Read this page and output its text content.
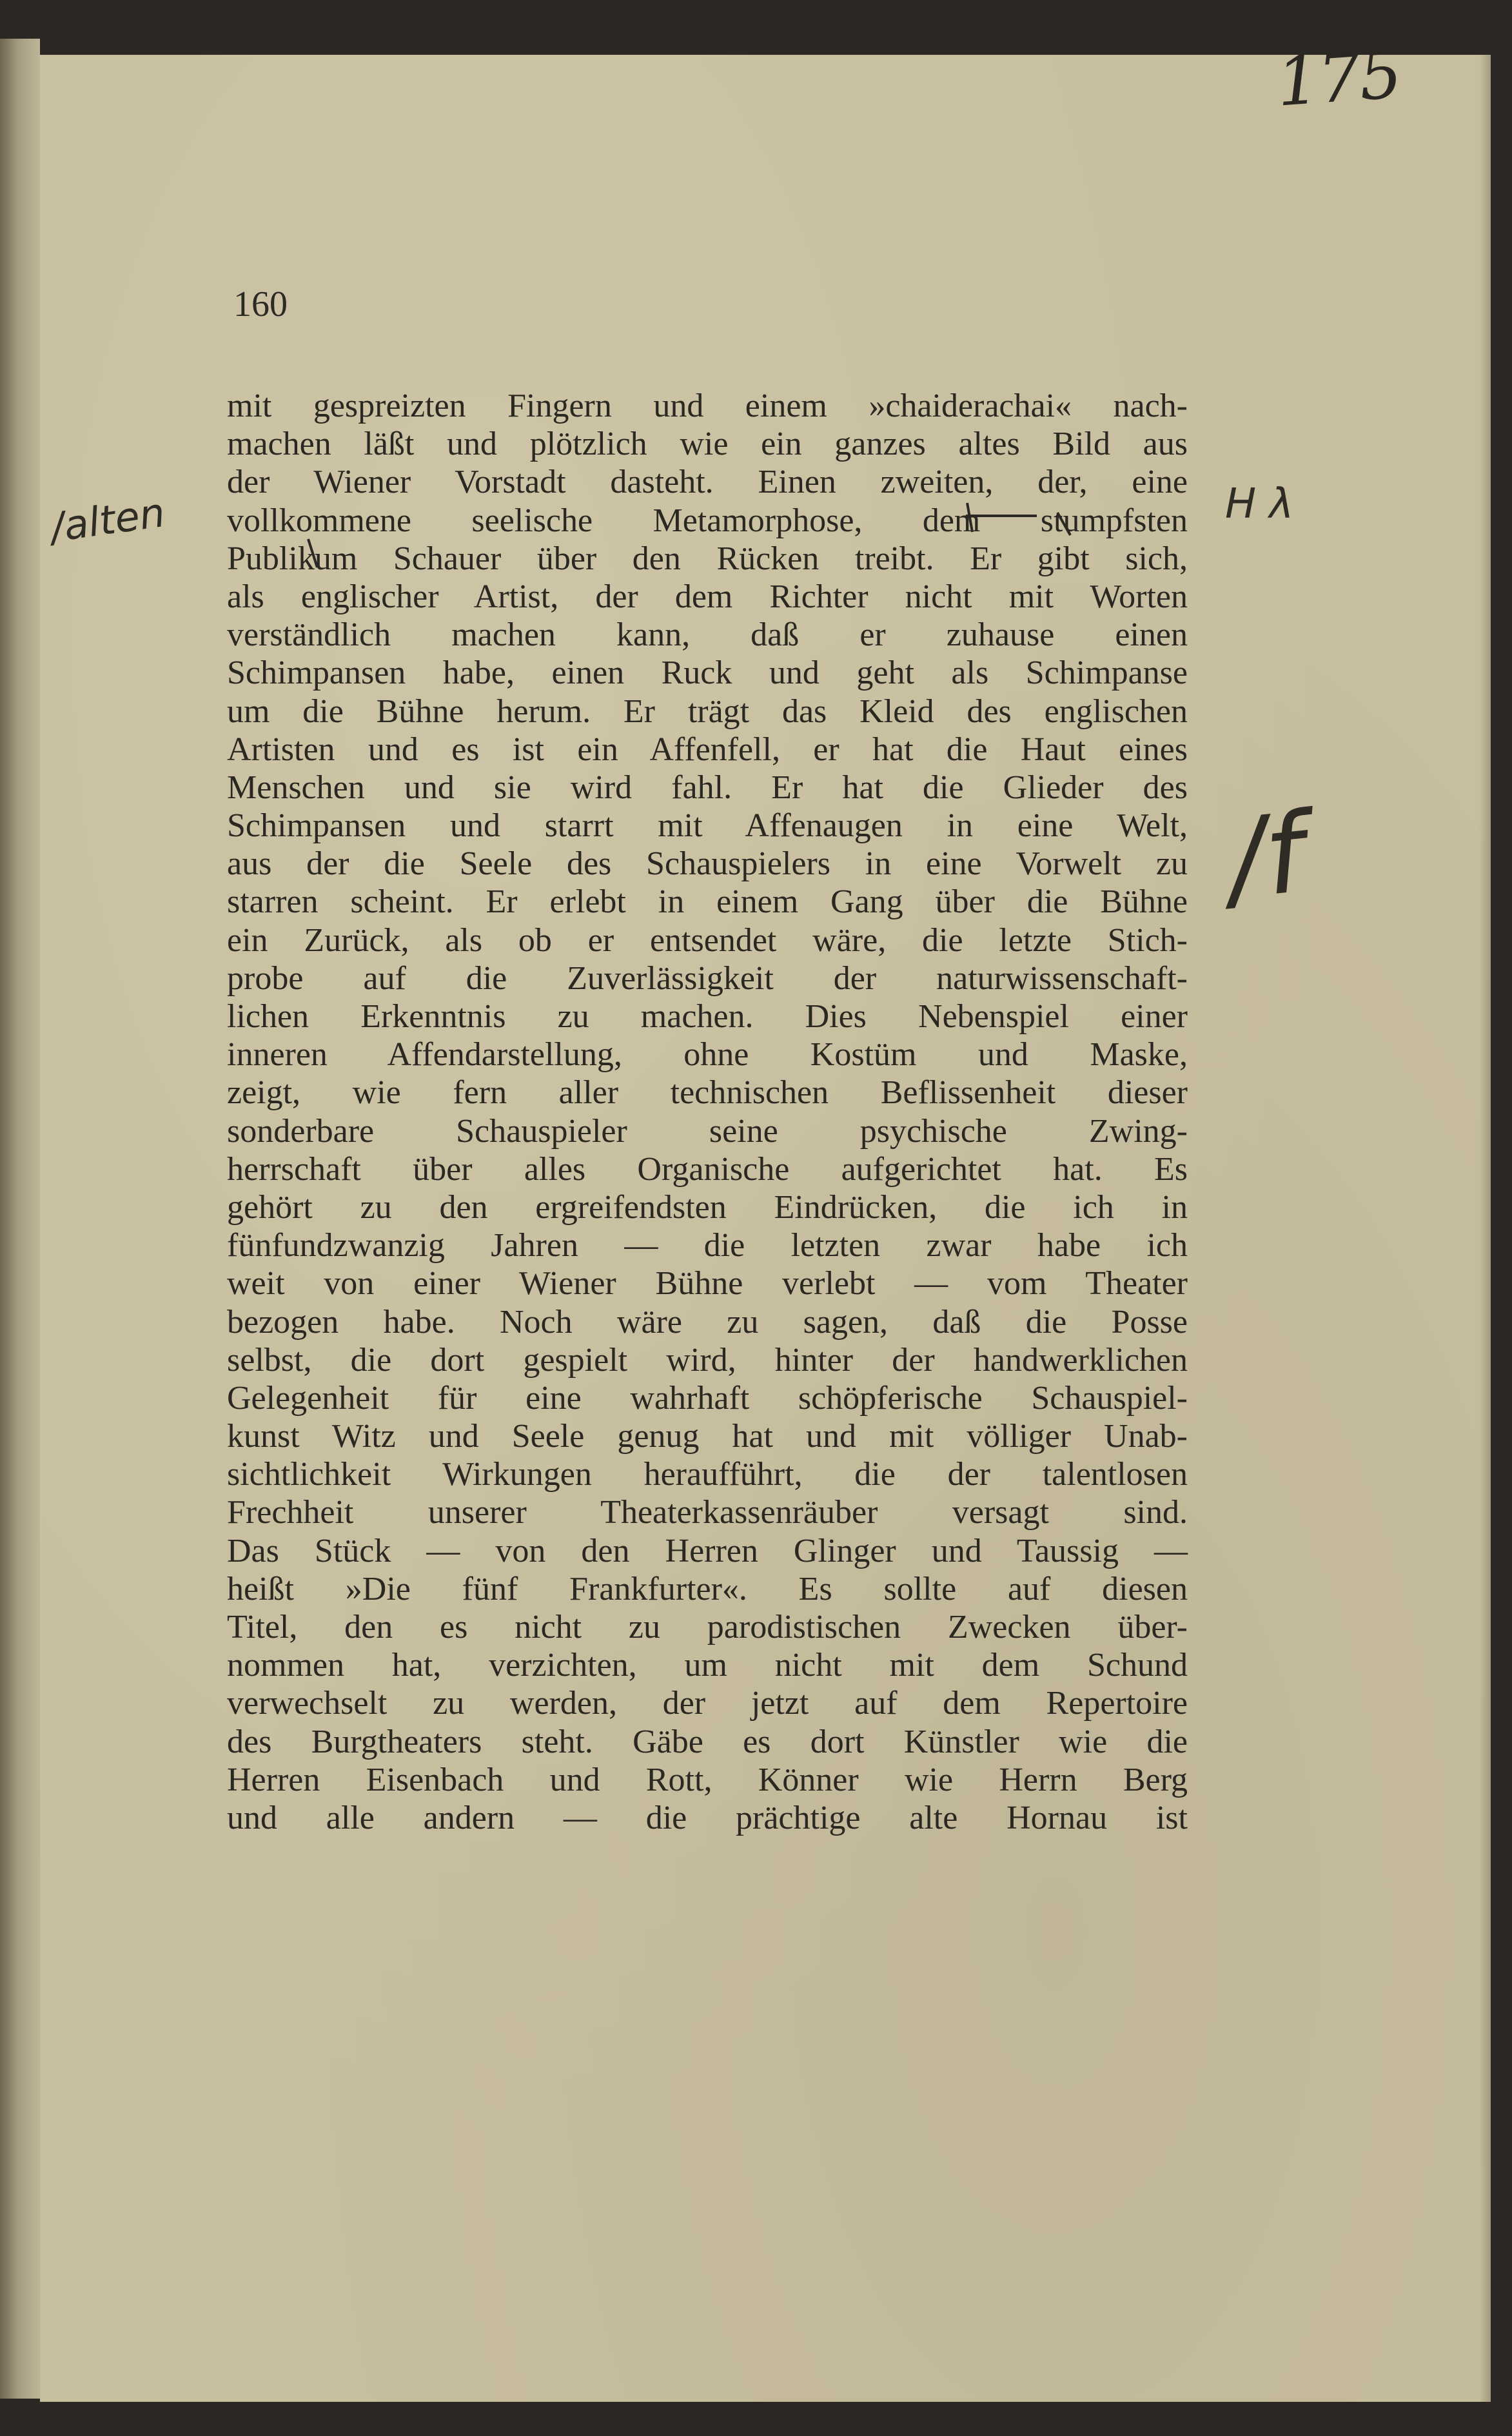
175
160
mit gespreizten Fingern und einem »chaiderachai« nach-
machen läßt und plötzlich wie ein ganzes altes Bild aus
der Wiener Vorstadt dasteht. Einen zweiten, der, eine
vollkommene seelische Metamorphose, dem stumpfsten
Publikum Schauer über den Rücken treibt. Er gibt sich,
als englischer Artist, der dem Richter nicht mit Worten
verständlich machen kann, daß er zuhause einen
Schimpansen habe, einen Ruck und geht als Schimpanse
um die Bühne herum. Er trägt das Kleid des englischen
Artisten und es ist ein Affenfell, er hat die Haut eines
Menschen und sie wird fahl. Er hat die Glieder des
Schimpansen und starrt mit Affenaugen in eine Welt,
aus der die Seele des Schauspielers in eine Vorwelt zu
starren scheint. Er erlebt in einem Gang über die Bühne
ein Zurück, als ob er entsendet wäre, die letzte Stich-
probe auf die Zuverlässigkeit der naturwissenschaft-
lichen Erkenntnis zu machen. Dies Nebenspiel einer
inneren Affendarstellung, ohne Kostüm und Maske,
zeigt, wie fern aller technischen Beflissenheit dieser
sonderbare Schauspieler seine psychische Zwing-
herrschaft über alles Organische aufgerichtet hat. Es
gehört zu den ergreifendsten Eindrücken, die ich in
fünfundzwanzig Jahren — die letzten zwar habe ich
weit von einer Wiener Bühne verlebt — vom Theater
bezogen habe. Noch wäre zu sagen, daß die Posse
selbst, die dort gespielt wird, hinter der handwerklichen
Gelegenheit für eine wahrhaft schöpferische Schauspiel-
kunst Witz und Seele genug hat und mit völliger Unab-
sichtlichkeit Wirkungen heraufführt, die der talentlosen
Frechheit unserer Theaterkassenräuber versagt sind.
Das Stück — von den Herren Glinger und Taussig —
heißt »Die fünf Frankfurter«. Es sollte auf diesen
Titel, den es nicht zu parodistischen Zwecken über-
nommen hat, verzichten, um nicht mit dem Schund
verwechselt zu werden, der jetzt auf dem Repertoire
des Burgtheaters steht. Gäbe es dort Künstler wie die
Herren Eisenbach und Rott, Könner wie Herrn Berg
und alle andern — die prächtige alte Hornau ist
/alten	H λ
/f
